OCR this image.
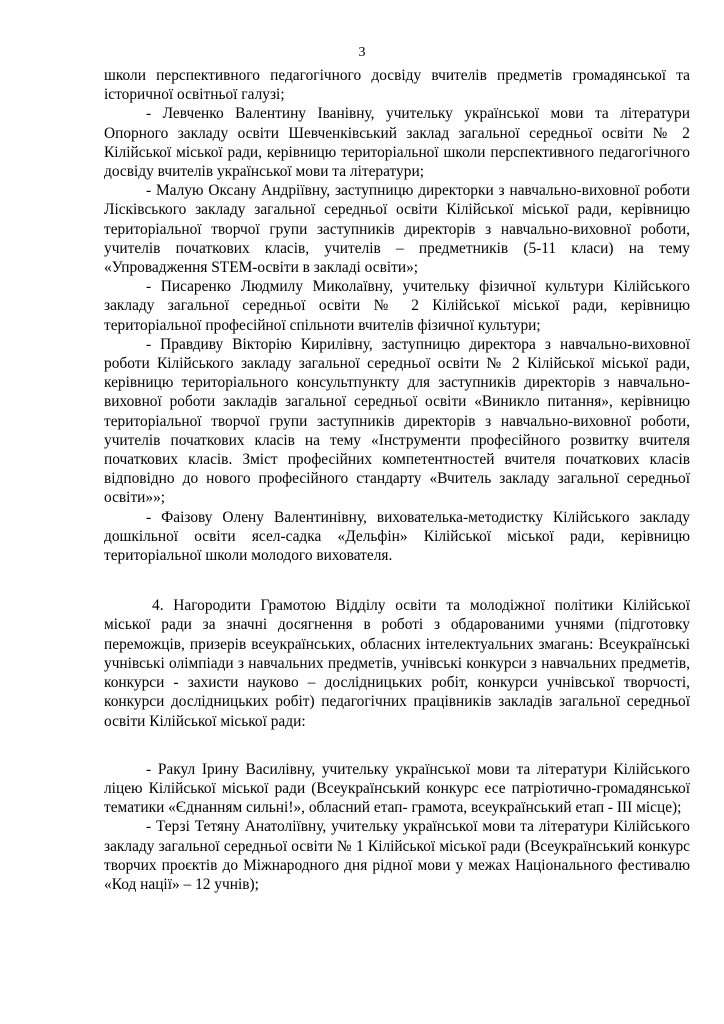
3

школи перспективного педагогічного досвіду вчителів предметів громадянської та історичної освітньої галузі;

- Левченко Валентину Іванівну, учительку української мови та літератури Опорного закладу освіти Шевченківський заклад загальної середньої освіти № 2 Кілійської міської ради, керівницю територіальної школи перспективного педагогічного досвіду вчителів української мови та літератури;

- Малую Оксану Андріївну, заступницю директорки з навчально-виховної роботи Лісківського закладу загальної середньої освіти Кілійської міської ради, керівницю територіальної творчої групи заступників директорів з навчально-виховної роботи, учителів початкових класів, учителів – предметників (5-11 класи) на тему «Упровадження STEM-освіти в закладі освіти»;

- Писаренко Людмилу Миколаївну, учительку фізичної культури Кілійського закладу загальної середньої освіти № 2 Кілійської міської ради, керівницю територіальної професійної спільноти вчителів фізичної культури;

- Правдиву Вікторію Кирилівну, заступницю директора з навчально-виховної роботи Кілійського закладу загальної середньої освіти № 2 Кілійської міської ради, керівницю територіального консультпункту для заступників директорів з навчально-виховної роботи закладів загальної середньої освіти «Виникло питання», керівницю територіальної творчої групи заступників директорів з навчально-виховної роботи, учителів початкових класів на тему «Інструменти професійного розвитку вчителя початкових класів. Зміст професійних компетентностей вчителя початкових класів відповідно до нового професійного стандарту «Вчитель закладу загальної середньої освіти»»;

- Фаізову Олену Валентинівну, вихователька-методистку Кілійського закладу дошкільної освіти ясел-садка «Дельфін» Кілійської міської ради, керівницю територіальної школи молодого вихователя.

4. Нагородити Грамотою Відділу освіти та молодіжної політики Кілійської міської ради за значні досягнення в роботі з обдарованими учнями (підготовку переможців, призерів всеукраїнських, обласних інтелектуальних змагань: Всеукраїнські учнівські олімпіади з навчальних предметів, учнівські конкурси з навчальних предметів, конкурси - захисти науково – дослідницьких робіт, конкурси учнівської творчості, конкурси дослідницьких робіт) педагогічних працівників закладів загальної середньої освіти Кілійської міської ради:

- Ракул Ірину Василівну, учительку української мови та літератури Кілійського ліцею Кілійської міської ради (Всеукраїнський конкурс есе патріотично-громадянської тематики «Єднанням сильні!», обласний етап- грамота, всеукраїнський етап - ІІІ місце);

- Терзі Тетяну Анатоліївну, учительку української мови та літератури Кілійського закладу загальної середньої освіти № 1 Кілійської міської ради (Всеукраїнський конкурс творчих проєктів до Міжнародного дня рідної мови у межах Національного фестивалю «Код нації» – 12 учнів);
